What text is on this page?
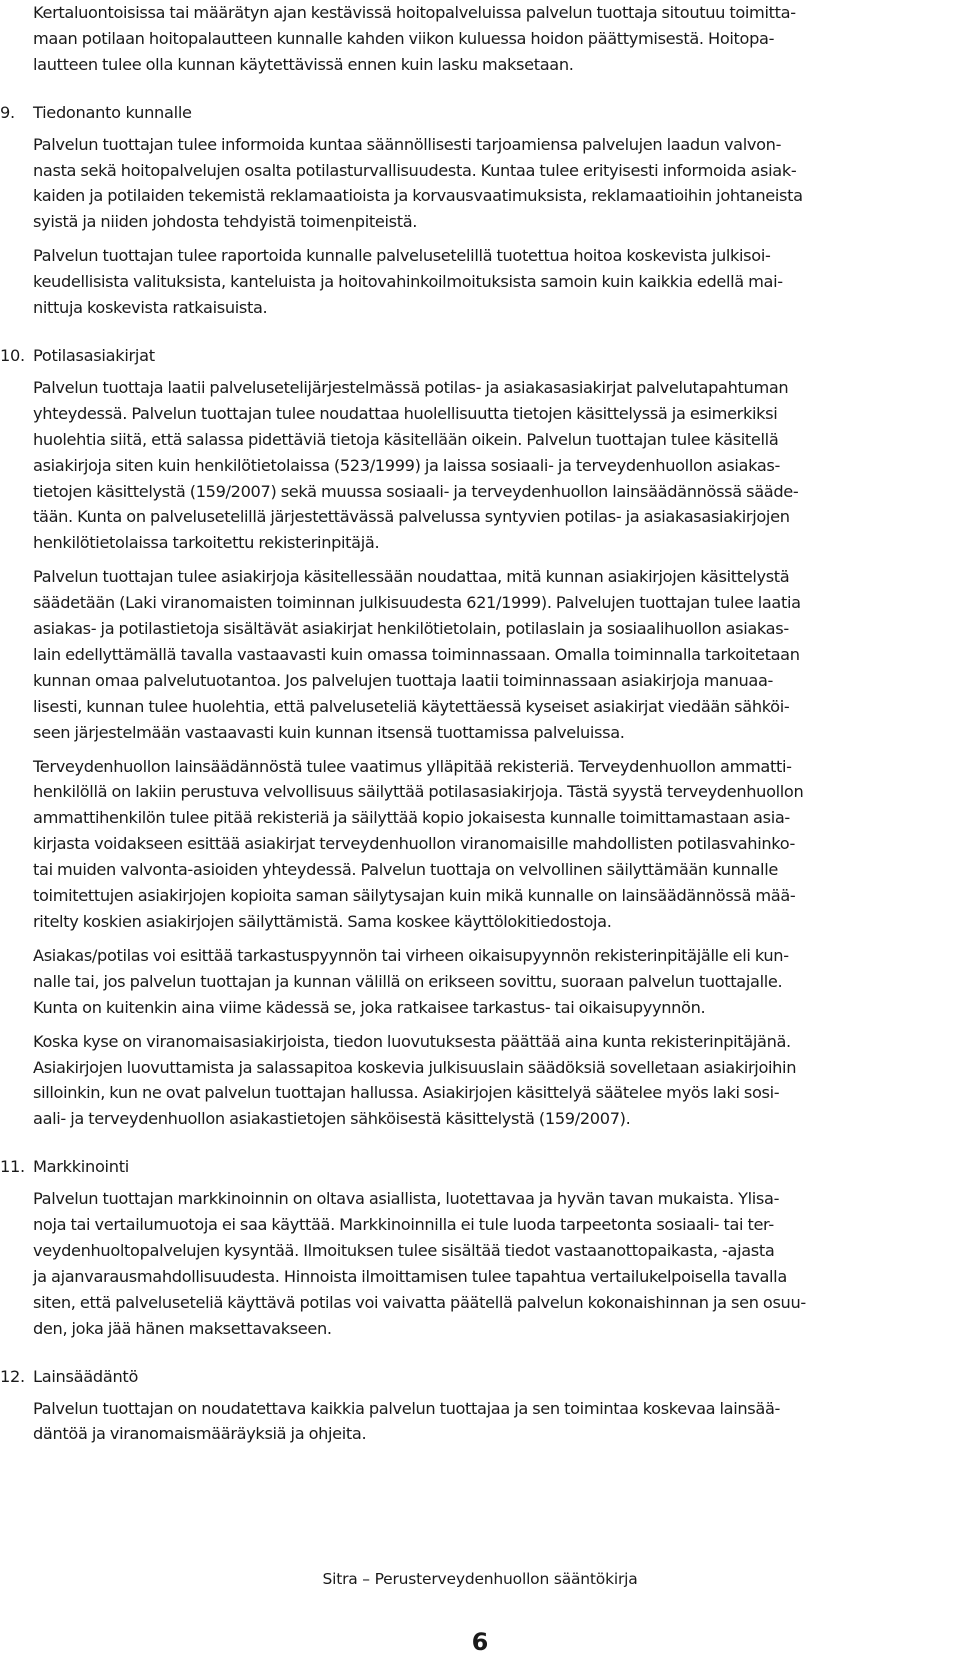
Kertaluontoisissa tai määrätyn ajan kestävissä hoitopalveluissa palvelun tuottaja sitoutuu toimitta-
maan potilaan hoitopalautteen kunnalle kahden viikon kuluessa hoidon päättymisestä. Hoitopa-
lautteen tulee olla kunnan käytettävissä ennen kuin lasku maksetaan.

9.	Tiedonanto kunnalle

Palvelun tuottajan tulee informoida kuntaa säännöllisesti tarjoamiensa palvelujen laadun valvon-
nasta sekä hoitopalvelujen osalta potilasturvallisuudesta. Kuntaa tulee erityisesti informoida asiak-
kaiden ja potilaiden tekemistä reklamaatioista ja korvausvaatimuksista, reklamaatioihin johtaneista
syistä ja niiden johdosta tehdyistä toimenpiteistä.

Palvelun tuottajan tulee raportoida kunnalle palvelusetelillä tuotettua hoitoa koskevista julkisoi-
keudellisista valituksista, kanteluista ja hoitovahinkoilmoituksista samoin kuin kaikkia edellä mai-
nittuja koskevista ratkaisuista.

10. Potilasasiakirjat

Palvelun tuottaja laatii palvelusetelijärjestelmässä potilas- ja asiakasasiakirjat palvelutapahtuman
yhteydessä. Palvelun tuottajan tulee noudattaa huolellisuutta tietojen käsittelyssä ja esimerkiksi
huolehtia siitä, että salassa pidettäviä tietoja käsitellään oikein. Palvelun tuottajan tulee käsitellä
asiakirjoja siten kuin henkilötietolaissa (523/1999) ja laissa sosiaali- ja terveydenhuollon asiakas-
tietojen käsittelystä (159/2007) sekä muussa sosiaali- ja terveydenhuollon lainsäädännössä sääde-
tään. Kunta on palvelusetelillä järjestettävässä palvelussa syntyvien potilas- ja asiakasasiakirjojen
henkilötietolaissa tarkoitettu rekisterinpitäjä.

Palvelun tuottajan tulee asiakirjoja käsitellessään noudattaa, mitä kunnan asiakirjojen käsittelystä
säädetään (Laki viranomaisten toiminnan julkisuudesta 621/1999). Palvelujen tuottajan tulee laatia
asiakas- ja potilastietoja sisältävät asiakirjat henkilötietolain, potilaslain ja sosiaalihuollon asiakas-
lain edellyttämällä tavalla vastaavasti kuin omassa toiminnassaan. Omalla toiminnalla tarkoitetaan
kunnan omaa palvelutuotantoa. Jos palvelujen tuottaja laatii toiminnassaan asiakirjoja manuaa-
lisesti, kunnan tulee huolehtia, että palveluseteliä käytettäessä kyseiset asiakirjat viedään sähköi-
seen järjestelmään vastaavasti kuin kunnan itsensä tuottamissa palveluissa.

Terveydenhuollon lainsäädännöstä tulee vaatimus ylläpitää rekisteriä. Terveydenhuollon ammatti-
henkilöllä on lakiin perustuva velvollisuus säilyttää potilasasiakirjoja. Tästä syystä terveydenhuollon
ammattihenkilön tulee pitää rekisteriä ja säilyttää kopio jokaisesta kunnalle toimittamastaan asia-
kirjasta voidakseen esittää asiakirjat terveydenhuollon viranomaisille mahdollisten potilasvahinko-
tai muiden valvonta-asioiden yhteydessä. Palvelun tuottaja on velvollinen säilyttämään kunnalle
toimitettujen asiakirjojen kopioita saman säilytysajan kuin mikä kunnalle on lainsäädännössä mää-
ritelty koskien asiakirjojen säilyttämistä. Sama koskee käyttölokitiedostoja.

Asiakas/potilas voi esittää tarkastuspyynnön tai virheen oikaisupyynnön rekisterinpitäjälle eli kun-
nalle tai, jos palvelun tuottajan ja kunnan välillä on erikseen sovittu, suoraan palvelun tuottajalle.
Kunta on kuitenkin aina viime kädessä se, joka ratkaisee tarkastus- tai oikaisupyynnön.

Koska kyse on viranomaisasiakirjoista, tiedon luovutuksesta päättää aina kunta rekisterinpitäjänä.
Asiakirjojen luovuttamista ja salassapitoa koskevia julkisuuslain säädöksiä sovelletaan asiakirjoihin
silloinkin, kun ne ovat palvelun tuottajan hallussa. Asiakirjojen käsittelyä säätelee myös laki sosi-
aali- ja terveydenhuollon asiakastietojen sähköisestä käsittelystä (159/2007).

11. Markkinointi

Palvelun tuottajan markkinoinnin on oltava asiallista, luotettavaa ja hyvän tavan mukaista. Ylisa-
noja tai vertailumuotoja ei saa käyttää. Markkinoinnilla ei tule luoda tarpeetonta sosiaali- tai ter-
veydenhuoltopalvelujen kysyntää. Ilmoituksen tulee sisältää tiedot vastaanottopaikasta, -ajasta
ja ajanvarausmahdollisuudesta. Hinnoista ilmoittamisen tulee tapahtua vertailukelpoisella tavalla
siten, että palveluseteliä käyttävä potilas voi vaivatta päätellä palvelun kokonaishinnan ja sen osuu-
den, joka jää hänen maksettavakseen.

12. Lainsäädäntö

Palvelun tuottajan on noudatettava kaikkia palvelun tuottajaa ja sen toimintaa koskevaa lainsää-
däntöä ja viranomaismääräyksiä ja ohjeita.

Sitra – Perusterveydenhuollon sääntökirja
6
